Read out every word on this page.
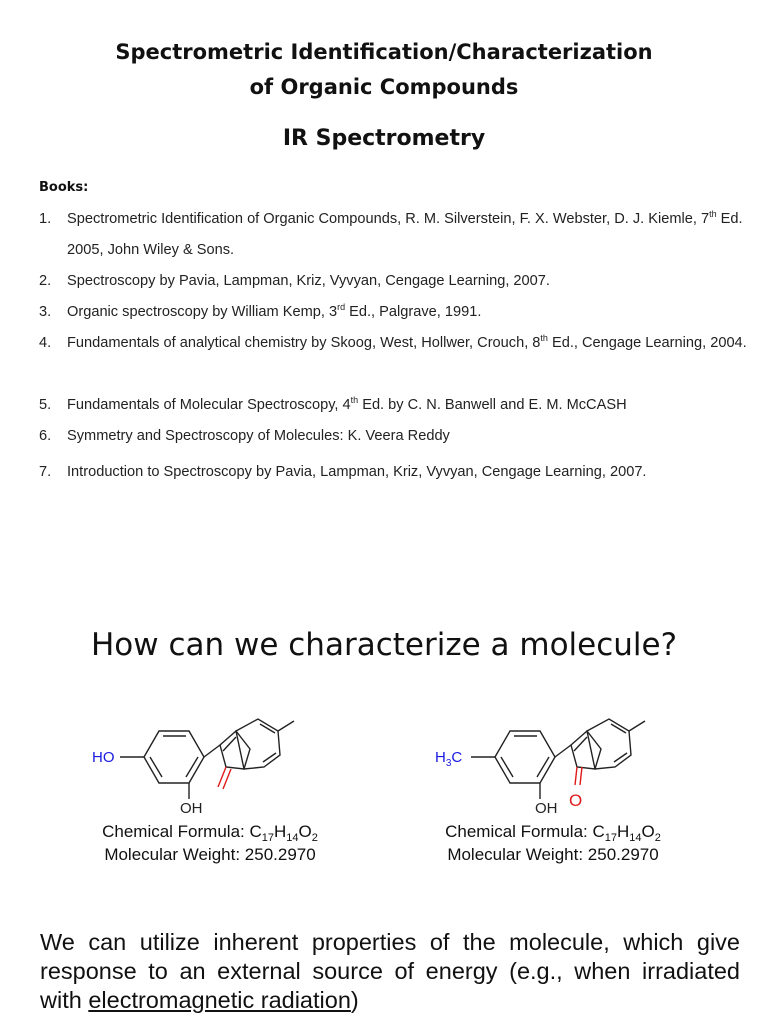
Spectrometric Identification/Characterization
of Organic Compounds
IR Spectrometry
Books:
1. Spectrometric Identification of Organic Compounds, R. M. Silverstein, F. X. Webster, D. J. Kiemle, 7th Ed. 2005, John Wiley & Sons.
2. Spectroscopy by Pavia, Lampman, Kriz, Vyvyan, Cengage Learning, 2007.
3. Organic spectroscopy by William Kemp, 3rd Ed., Palgrave, 1991.
4. Fundamentals of analytical chemistry by Skoog, West, Hollwer, Crouch, 8th Ed., Cengage Learning, 2004.
5. Fundamentals of Molecular Spectroscopy, 4th Ed. by C. N. Banwell and E. M. McCASH
6. Symmetry and Spectroscopy of Molecules: K. Veera Reddy
7. Introduction to Spectroscopy by Pavia, Lampman, Kriz, Vyvyan, Cengage Learning, 2007.
How can we characterize a molecule?
HO
OH
Chemical Formula: $C_{17}H_{14}O_2$
Molecular Weight: 250.2970
$H_3C$
OH O
Chemical Formula: $C_{17}H_{14}O_2$
Molecular Weight: 250.2970
We can utilize inherent properties of the molecule, which give response to an external source of energy (e.g., when irradiated with electromagnetic radiation)
